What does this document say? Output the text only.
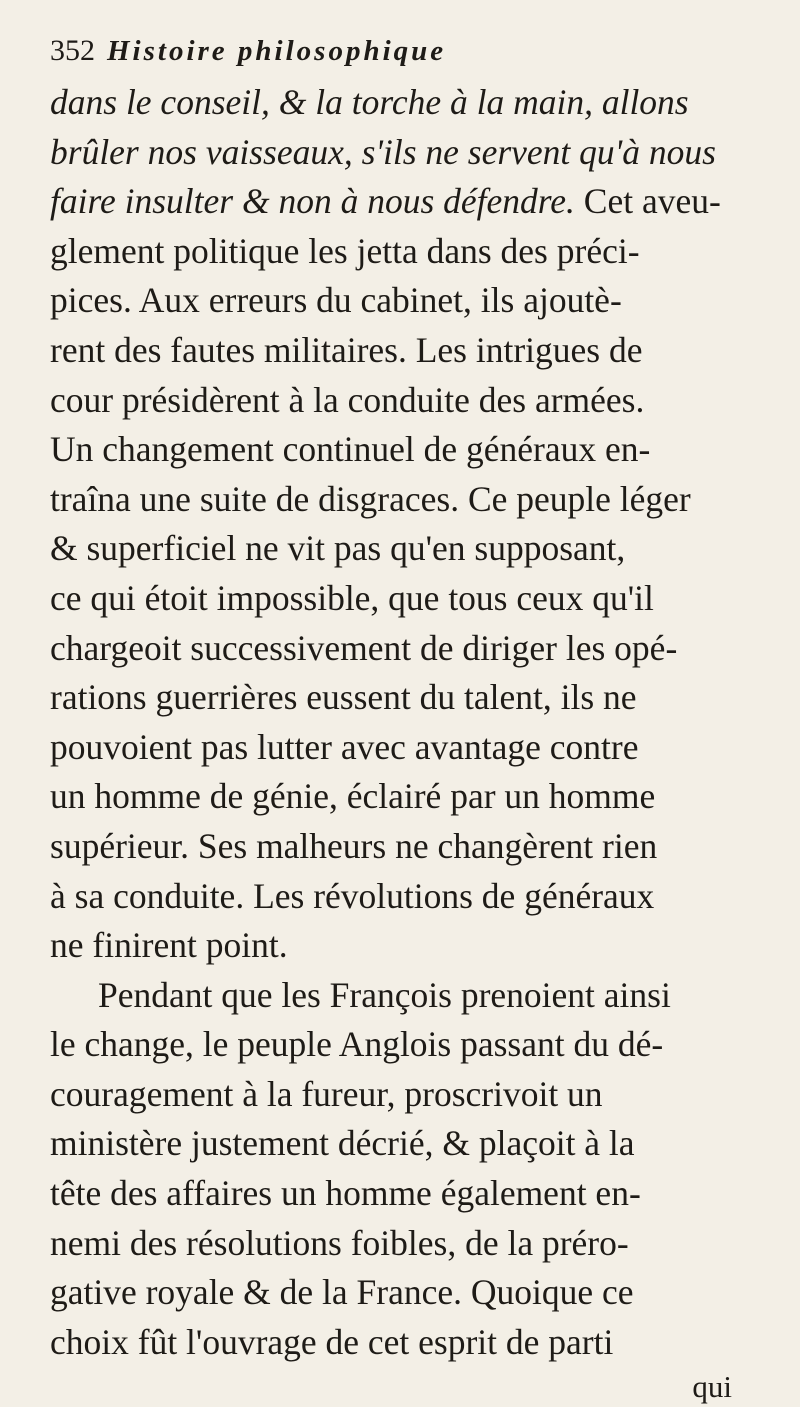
352 Histoire philosophique
dans le conseil, & la torche à la main, allons
brûler nos vaisseaux, s'ils ne servent qu'à nous
faire insulter & non à nous défendre. Cet aveu-
glement politique les jetta dans des préci-
pices. Aux erreurs du cabinet, ils ajoutè-
rent des fautes militaires. Les intrigues de
cour présidèrent à la conduite des armées.
Un changement continuel de généraux en-
traîna une suite de disgraces. Ce peuple léger
& superficiel ne vit pas qu'en supposant,
ce qui étoit impossible, que tous ceux qu'il
chargeoit successivement de diriger les opé-
rations guerrières eussent du talent, ils ne
pouvoient pas lutter avec avantage contre
un homme de génie, éclairé par un homme
supérieur. Ses malheurs ne changèrent rien
à sa conduite. Les révolutions de généraux
ne finirent point.
Pendant que les François prenoient ainsi
le change, le peuple Anglois passant du dé-
couragement à la fureur, proscrivoit un
ministère justement décrié, & plaçoit à la
tête des affaires un homme également en-
nemi des résolutions foibles, de la préro-
gative royale & de la France. Quoique ce
choix fût l'ouvrage de cet esprit de parti
qui
